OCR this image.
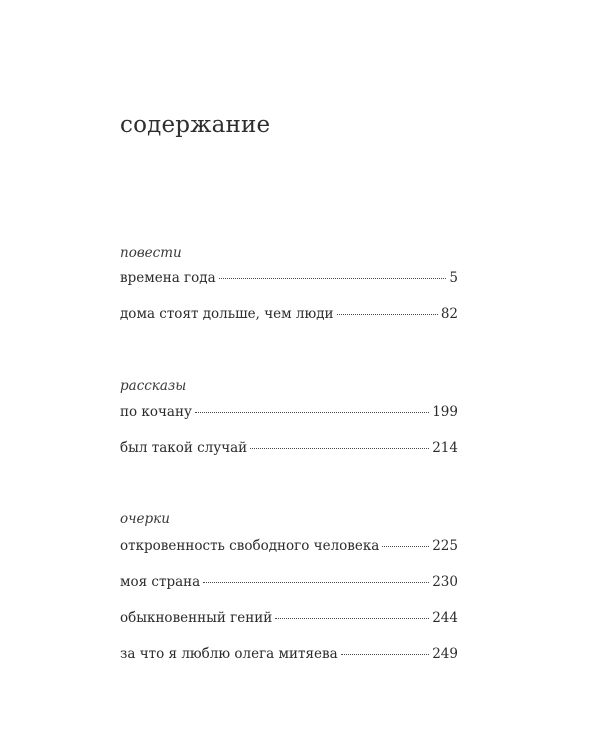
содержание
повести
времена года	5
дома стоят дольше, чем люди	82
рассказы
по кочану	199
был такой случай	214
очерки
откровенность свободного человека	225
моя страна	230
обыкновенный гений	244
за что я люблю олега митяева	249
